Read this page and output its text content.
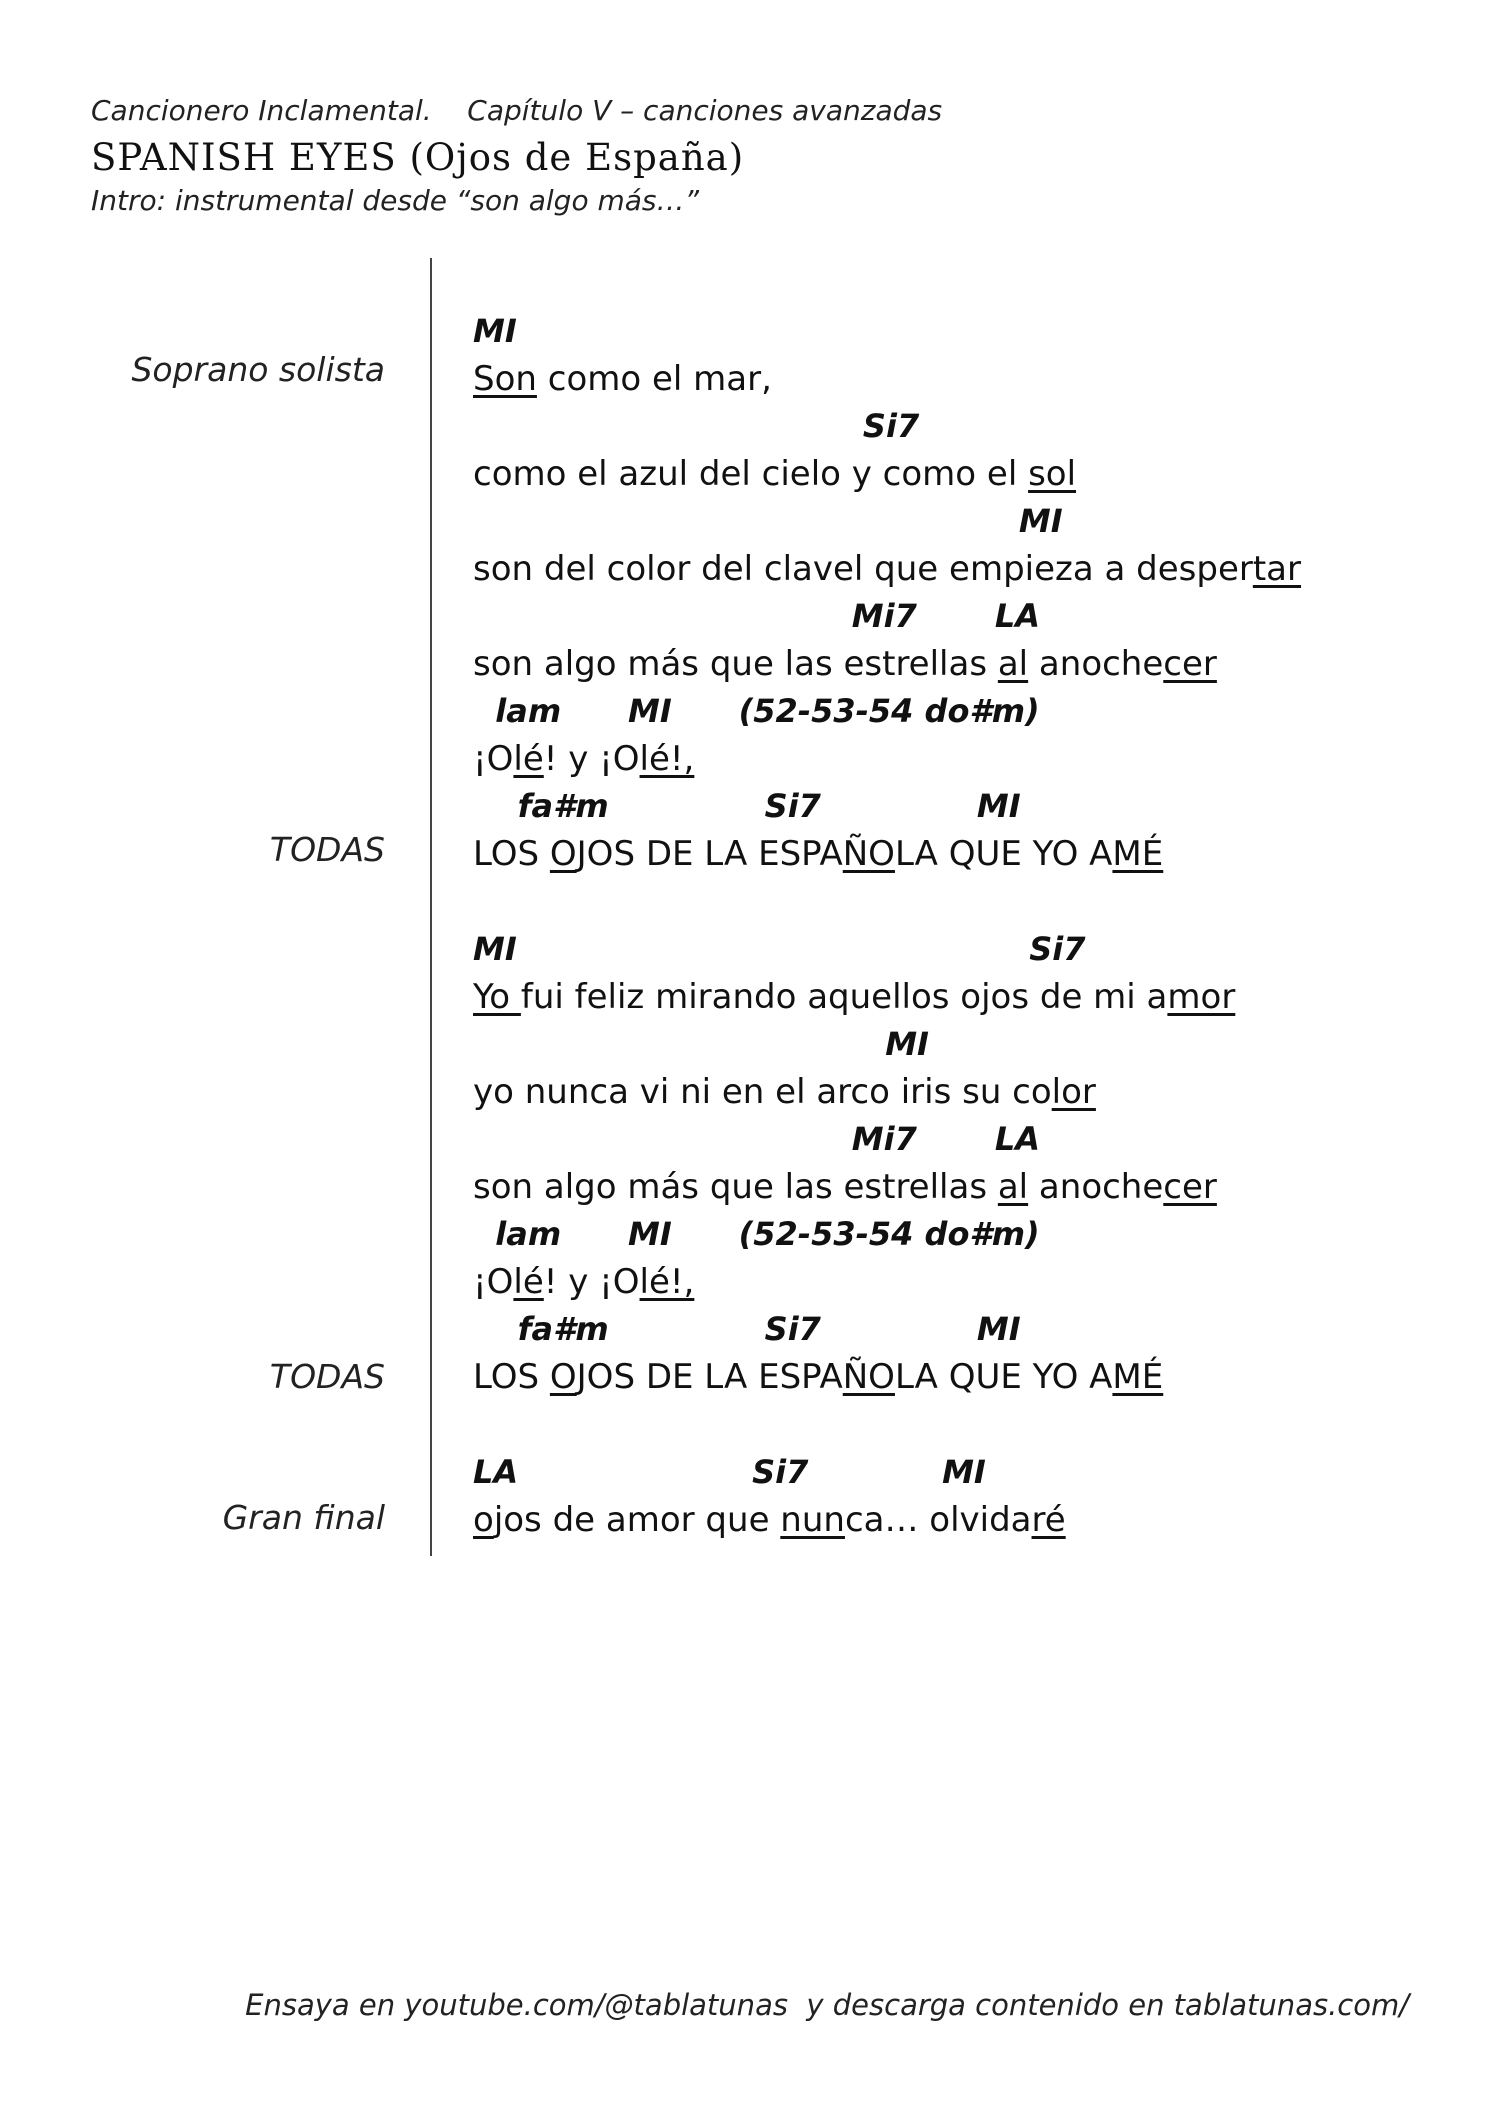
Cancionero Inclamental. Capítulo V – canciones avanzadas
SPANISH EYES (Ojos de España)
Intro: instrumental desde “son algo más…”
Soprano solista
TODAS
TODAS
Gran final
MI
Son como el mar,
Si7
como el azul del cielo y como el sol
MI
son del color del clavel que empieza a despertar
Mi7       LA
son algo más que las estrellas al anochecer
lam      MI      (52-53-54 do#m)
¡Olé! y ¡Olé!,
fa#m              Si7              MI
LOS OJOS DE LA ESPAÑOLA QUE YO AMÉ
MI                                              Si7
Yo fui feliz mirando aquellos ojos de mi amor
MI
yo nunca vi ni en el arco iris su color
Mi7       LA
son algo más que las estrellas al anochecer
lam      MI      (52-53-54 do#m)
¡Olé! y ¡Olé!,
fa#m              Si7              MI
LOS OJOS DE LA ESPAÑOLA QUE YO AMÉ
LA                     Si7            MI
ojos de amor que nunca… olvidaré
Ensaya en youtube.com/@tablatunas  y descarga contenido en tablatunas.com/
